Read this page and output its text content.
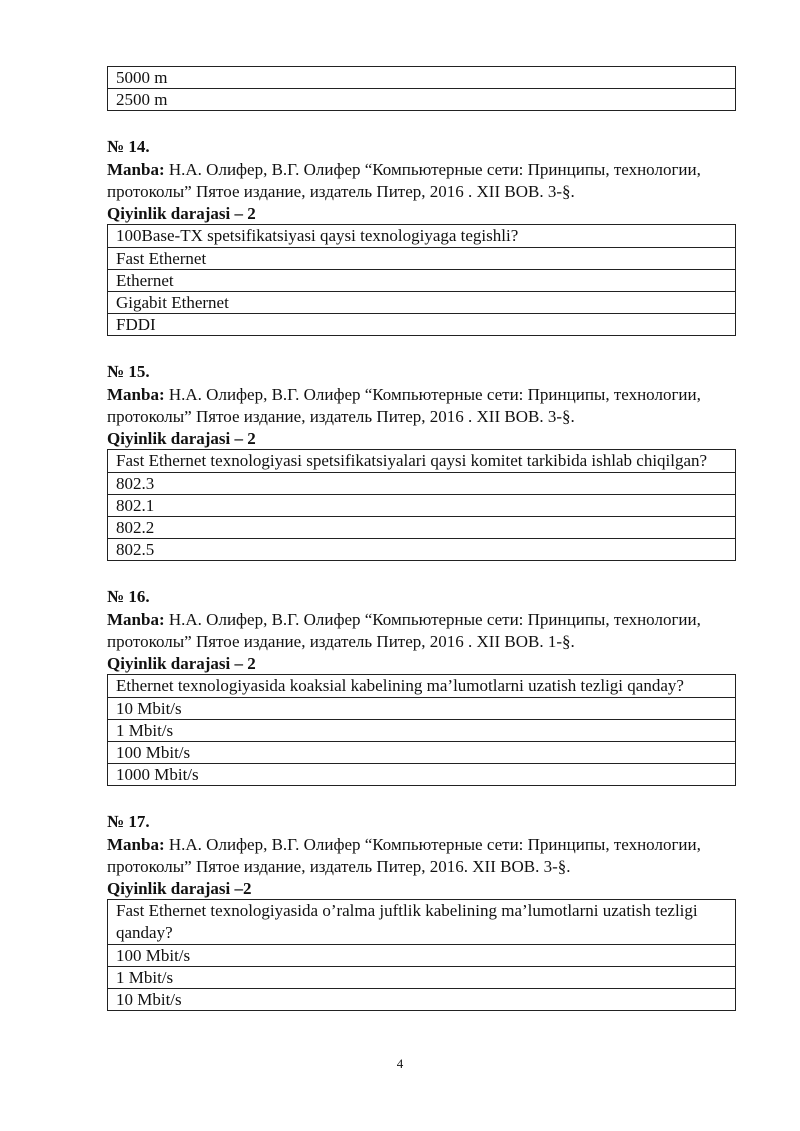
5000 m
2500 m
№ 14.
Manba: Н.А. Олифер, В.Г. Олифер “Компьютерные сети: Принципы, технологии, протоколы” Пятое издание, издатель Питер, 2016 . XII BOB. 3-§.
Qiyinlik darajasi – 2
100Base-TX spetsifikatsiyasi qaysi texnologiyaga tegishli?
Fast Ethernet
Ethernet
Gigabit Ethernet
FDDI
№ 15.
Manba: Н.А. Олифер, В.Г. Олифер “Компьютерные сети: Принципы, технологии, протоколы” Пятое издание, издатель Питер, 2016 . XII BOB. 3-§.
Qiyinlik darajasi – 2
Fast Ethernet texnologiyasi spetsifikatsiyalari qaysi komitet tarkibida ishlab chiqilgan?
802.3
802.1
802.2
802.5
№ 16.
Manba: Н.А. Олифер, В.Г. Олифер “Компьютерные сети: Принципы, технологии, протоколы” Пятое издание, издатель Питер, 2016 . XII BOB. 1-§.
Qiyinlik darajasi – 2
Ethernet texnologiyasida koaksial kabelining ma’lumotlarni uzatish tezligi qanday?
10 Mbit/s
1 Mbit/s
100 Mbit/s
1000 Mbit/s
№ 17.
Manba: Н.А. Олифер, В.Г. Олифер “Компьютерные сети: Принципы, технологии, протоколы” Пятое издание, издатель Питер, 2016. XII BOB. 3-§.
Qiyinlik darajasi –2
Fast Ethernet texnologiyasida o’ralma juftlik kabelining ma’lumotlarni uzatish tezligi qanday?
100 Mbit/s
1 Mbit/s
10 Mbit/s
4
